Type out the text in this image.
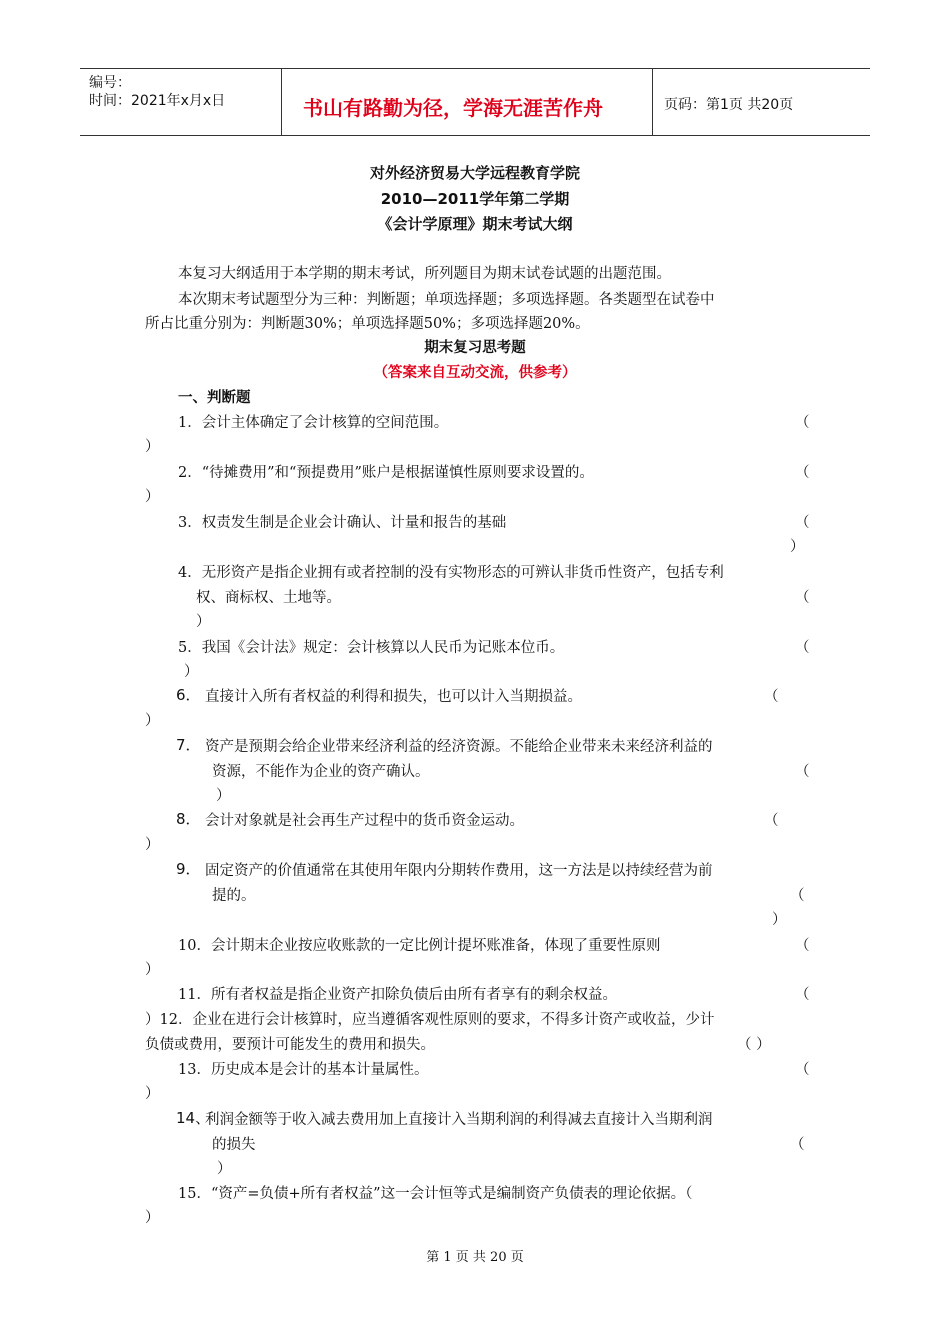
编号：
时间：2021年x月x日	书山有路勤为径，学海无涯苦作舟	页码：第1页 共20页
对外经济贸易大学远程教育学院
2010—2011学年第二学期
《会计学原理》期末考试大纲
本复习大纲适用于本学期的期末考试，所列题目为期末试卷试题的出题范围。
本次期末考试题型分为三种：判断题；单项选择题；多项选择题。各类题型在试卷中
所占比重分别为：判断题30%；单项选择题50%；多项选择题20%。
期末复习思考题
（答案来自互动交流，供参考）
一、判断题
1．会计主体确定了会计核算的空间范围。	（
）
2．“待摊费用”和“预提费用”账户是根据谨慎性原则要求设置的。	（
）
3．权责发生制是企业会计确认、计量和报告的基础	（
）
4．无形资产是指企业拥有或者控制的没有实物形态的可辨认非货币性资产，包括专利
权、商标权、土地等。	（
）
5．我国《会计法》规定：会计核算以人民币为记账本位币。	（
）
6． 直接计入所有者权益的利得和损失，也可以计入当期损益。	（
）
7． 资产是预期会给企业带来经济利益的经济资源。不能给企业带来未来经济利益的
资源，不能作为企业的资产确认。	（
）
8． 会计对象就是社会再生产过程中的货币资金运动。	（
）
9． 固定资产的价值通常在其使用年限内分期转作费用，这一方法是以持续经营为前
提的。	（
）
10．会计期末企业按应收账款的一定比例计提坏账准备，体现了重要性原则	（
）
11．所有者权益是指企业资产扣除负债后由所有者享有的剩余权益。	（
）12．企业在进行会计核算时，应当遵循客观性原则的要求，不得多计资产或收益，少计
负债或费用，要预计可能发生的费用和损失。	（ ）
13．历史成本是会计的基本计量属性。	（
）
14、
利润金额等于收入减去费用加上直接计入当期利润的利得减去直接计入当期利润
的损失	（
）
15．“资产=负债+所有者权益”这一会计恒等式是编制资产负债表的理论依据。（
）
第 1 页 共 20 页
